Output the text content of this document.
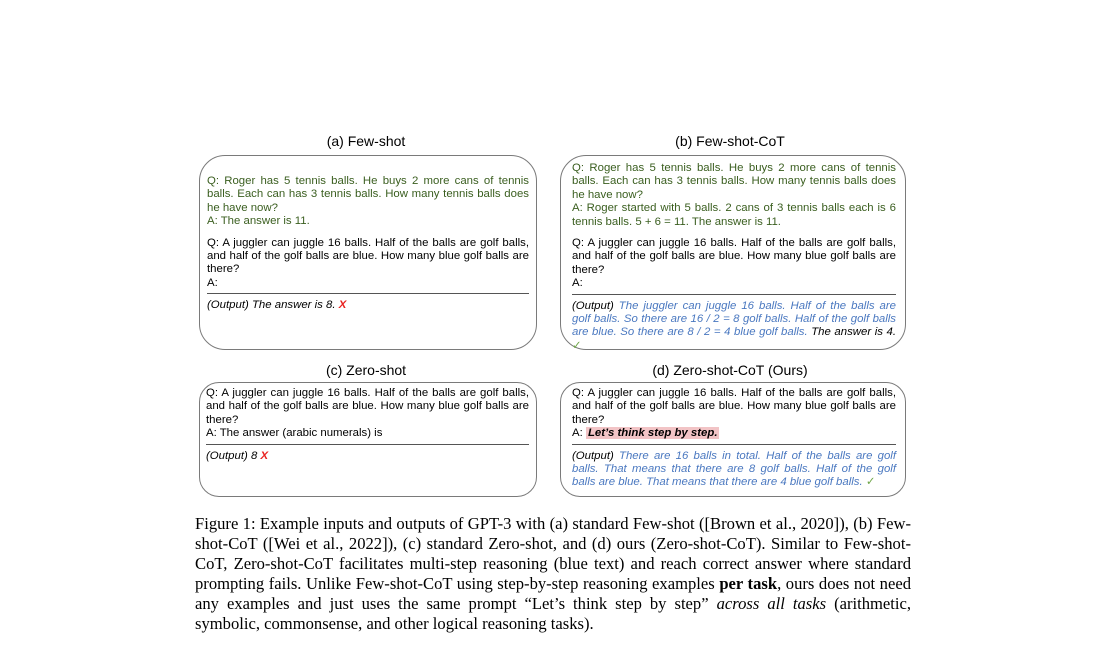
(a) Few-shot

Q: Roger has 5 tennis balls. He buys 2 more cans of tennis balls. Each can has 3 tennis balls. How many tennis balls does he have now?

A: The answer is 11.

Q: A juggler can juggle 16 balls. Half of the balls are golf balls, and half of the golf balls are blue. How many blue golf balls are there?

A:

(Output) The answer is 8. X

(b) Few-shot-CoT

Q: Roger has 5 tennis balls. He buys 2 more cans of tennis balls. Each can has 3 tennis balls. How many tennis balls does he have now?

A: Roger started with 5 balls. 2 cans of 3 tennis balls each is 6 tennis balls. 5 + 6 = 11. The answer is 11.

Q: A juggler can juggle 16 balls. Half of the balls are golf balls, and half of the golf balls are blue. How many blue golf balls are there?

A:

(Output) The juggler can juggle 16 balls. Half of the balls are golf balls. So there are 16 / 2 = 8 golf balls. Half of the golf balls are blue. So there are 8 / 2 = 4 blue golf balls. The answer is 4. ✓

(c) Zero-shot

Q: A juggler can juggle 16 balls. Half of the balls are golf balls, and half of the golf balls are blue. How many blue golf balls are there?

A: The answer (arabic numerals) is

(Output) 8 X

(d) Zero-shot-CoT (Ours)

Q: A juggler can juggle 16 balls. Half of the balls are golf balls, and half of the golf balls are blue. How many blue golf balls are there?

A: Let’s think step by step.

(Output) There are 16 balls in total. Half of the balls are golf balls. That means that there are 8 golf balls. Half of the golf balls are blue. That means that there are 4 blue golf balls. ✓

Figure 1: Example inputs and outputs of GPT-3 with (a) standard Few-shot ([Brown et al., 2020]), (b) Few-shot-CoT ([Wei et al., 2022]), (c) standard Zero-shot, and (d) ours (Zero-shot-CoT). Similar to Few-shot-CoT, Zero-shot-CoT facilitates multi-step reasoning (blue text) and reach correct answer where standard prompting fails. Unlike Few-shot-CoT using step-by-step reasoning examples per task, ours does not need any examples and just uses the same prompt “Let’s think step by step” across all tasks (arithmetic, symbolic, commonsense, and other logical reasoning tasks).
